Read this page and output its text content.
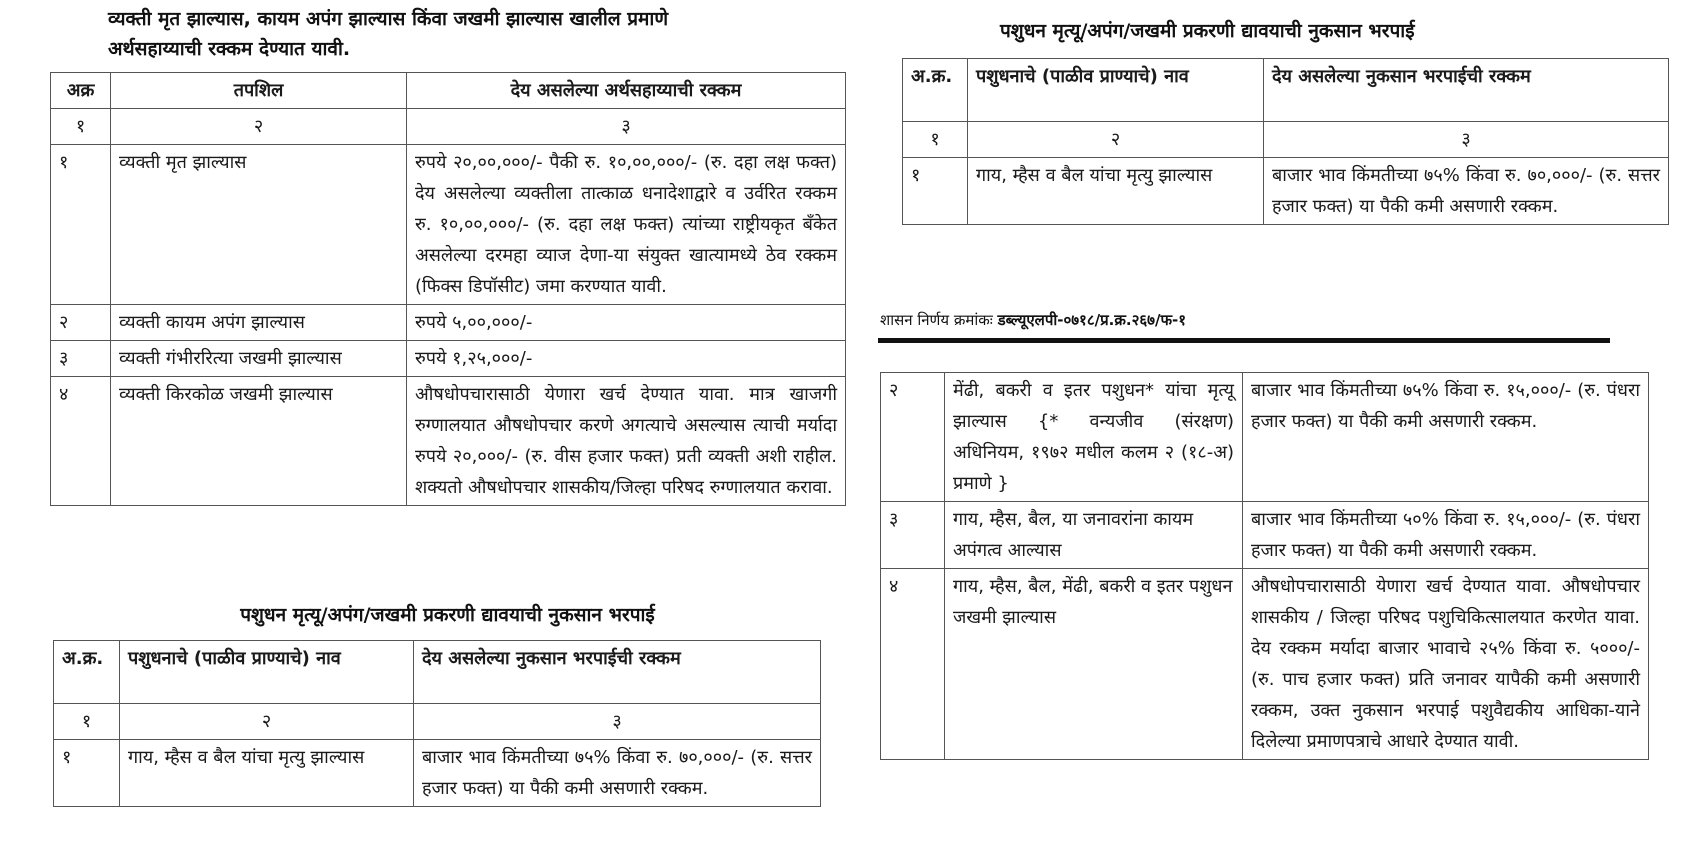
व्यक्ती मृत झाल्यास, कायम अपंग झाल्यास किंवा जखमी झाल्यास खालील प्रमाणे
अर्थसहाय्याची रक्कम देण्यात यावी.
अक्र	तपशिल	देय असलेल्या अर्थसहाय्याची रक्कम
१	२	३
१	व्यक्ती मृत झाल्यास	रुपये २०,००,०००/- पैकी रु. १०,००,०००/- (रु. दहा लक्ष फक्त) देय असलेल्या व्यक्तीला तात्काळ धनादेशाद्वारे व उर्वरित रक्कम रु. १०,००,०००/- (रु. दहा लक्ष फक्त) त्यांच्या राष्ट्रीयकृत बँकेत असलेल्या दरमहा व्याज देणा-या संयुक्त खात्यामध्ये ठेव रक्कम (फिक्स डिपॉसीट) जमा करण्यात यावी.
२	व्यक्ती कायम अपंग झाल्यास	रुपये ५,००,०००/-
३	व्यक्ती गंभीररित्या जखमी झाल्यास	रुपये १,२५,०००/-
४	व्यक्ती किरकोळ जखमी झाल्यास	औषधोपचारासाठी येणारा खर्च देण्यात यावा. मात्र खाजगी रुग्णालयात औषधोपचार करणे अगत्याचे असल्यास त्याची मर्यादा रुपये २०,०००/- (रु. वीस हजार फक्त) प्रती व्यक्ती अशी राहील. शक्यतो औषधोपचार शासकीय/जिल्हा परिषद रुग्णालयात करावा.
पशुधन मृत्यू/अपंग/जखमी प्रकरणी द्यावयाची नुकसान भरपाई
अ.क्र.	पशुधनाचे (पाळीव प्राण्याचे) नाव	देय असलेल्या नुकसान भरपाईची रक्कम
१	२	३
१	गाय, म्हैस व बैल यांचा मृत्यु झाल्यास	बाजार भाव किंमतीच्या ७५% किंवा रु. ७०,०००/- (रु. सत्तर हजार फक्त) या पैकी कमी असणारी रक्कम.
पशुधन मृत्यू/अपंग/जखमी प्रकरणी द्यावयाची नुकसान भरपाई
अ.क्र.	पशुधनाचे (पाळीव प्राण्याचे) नाव	देय असलेल्या नुकसान भरपाईची रक्कम
१	२	३
१	गाय, म्हैस व बैल यांचा मृत्यु झाल्यास	बाजार भाव किंमतीच्या ७५% किंवा रु. ७०,०००/- (रु. सत्तर हजार फक्त) या पैकी कमी असणारी रक्कम.
शासन निर्णय क्रमांकः डब्ल्यूएलपी-०७१८/प्र.क्र.२६७/फ-१
२	मेंढी, बकरी व इतर पशुधन* यांचा मृत्यू झाल्यास {* वन्यजीव (संरक्षण) अधिनियम, १९७२ मधील कलम २ (१८-अ) प्रमाणे }	बाजार भाव किंमतीच्या ७५% किंवा रु. १५,०००/- (रु. पंधरा हजार फक्त) या पैकी कमी असणारी रक्कम.
३	गाय, म्हैस, बैल, या जनावरांना कायम अपंगत्व आल्यास	बाजार भाव किंमतीच्या ५०% किंवा रु. १५,०००/- (रु. पंधरा हजार फक्त) या पैकी कमी असणारी रक्कम.
४	गाय, म्हैस, बैल, मेंढी, बकरी व इतर पशुधन जखमी झाल्यास	औषधोपचारासाठी येणारा खर्च देण्यात यावा. औषधोपचार शासकीय / जिल्हा परिषद पशुचिकित्सालयात करणेत यावा. देय रक्कम मर्यादा बाजार भावाचे २५% किंवा रु. ५०००/- (रु. पाच हजार फक्त) प्रति जनावर यापैकी कमी असणारी रक्कम, उक्त नुकसान भरपाई पशुवैद्यकीय आधिका-याने दिलेल्या प्रमाणपत्राचे आधारे देण्यात यावी.
